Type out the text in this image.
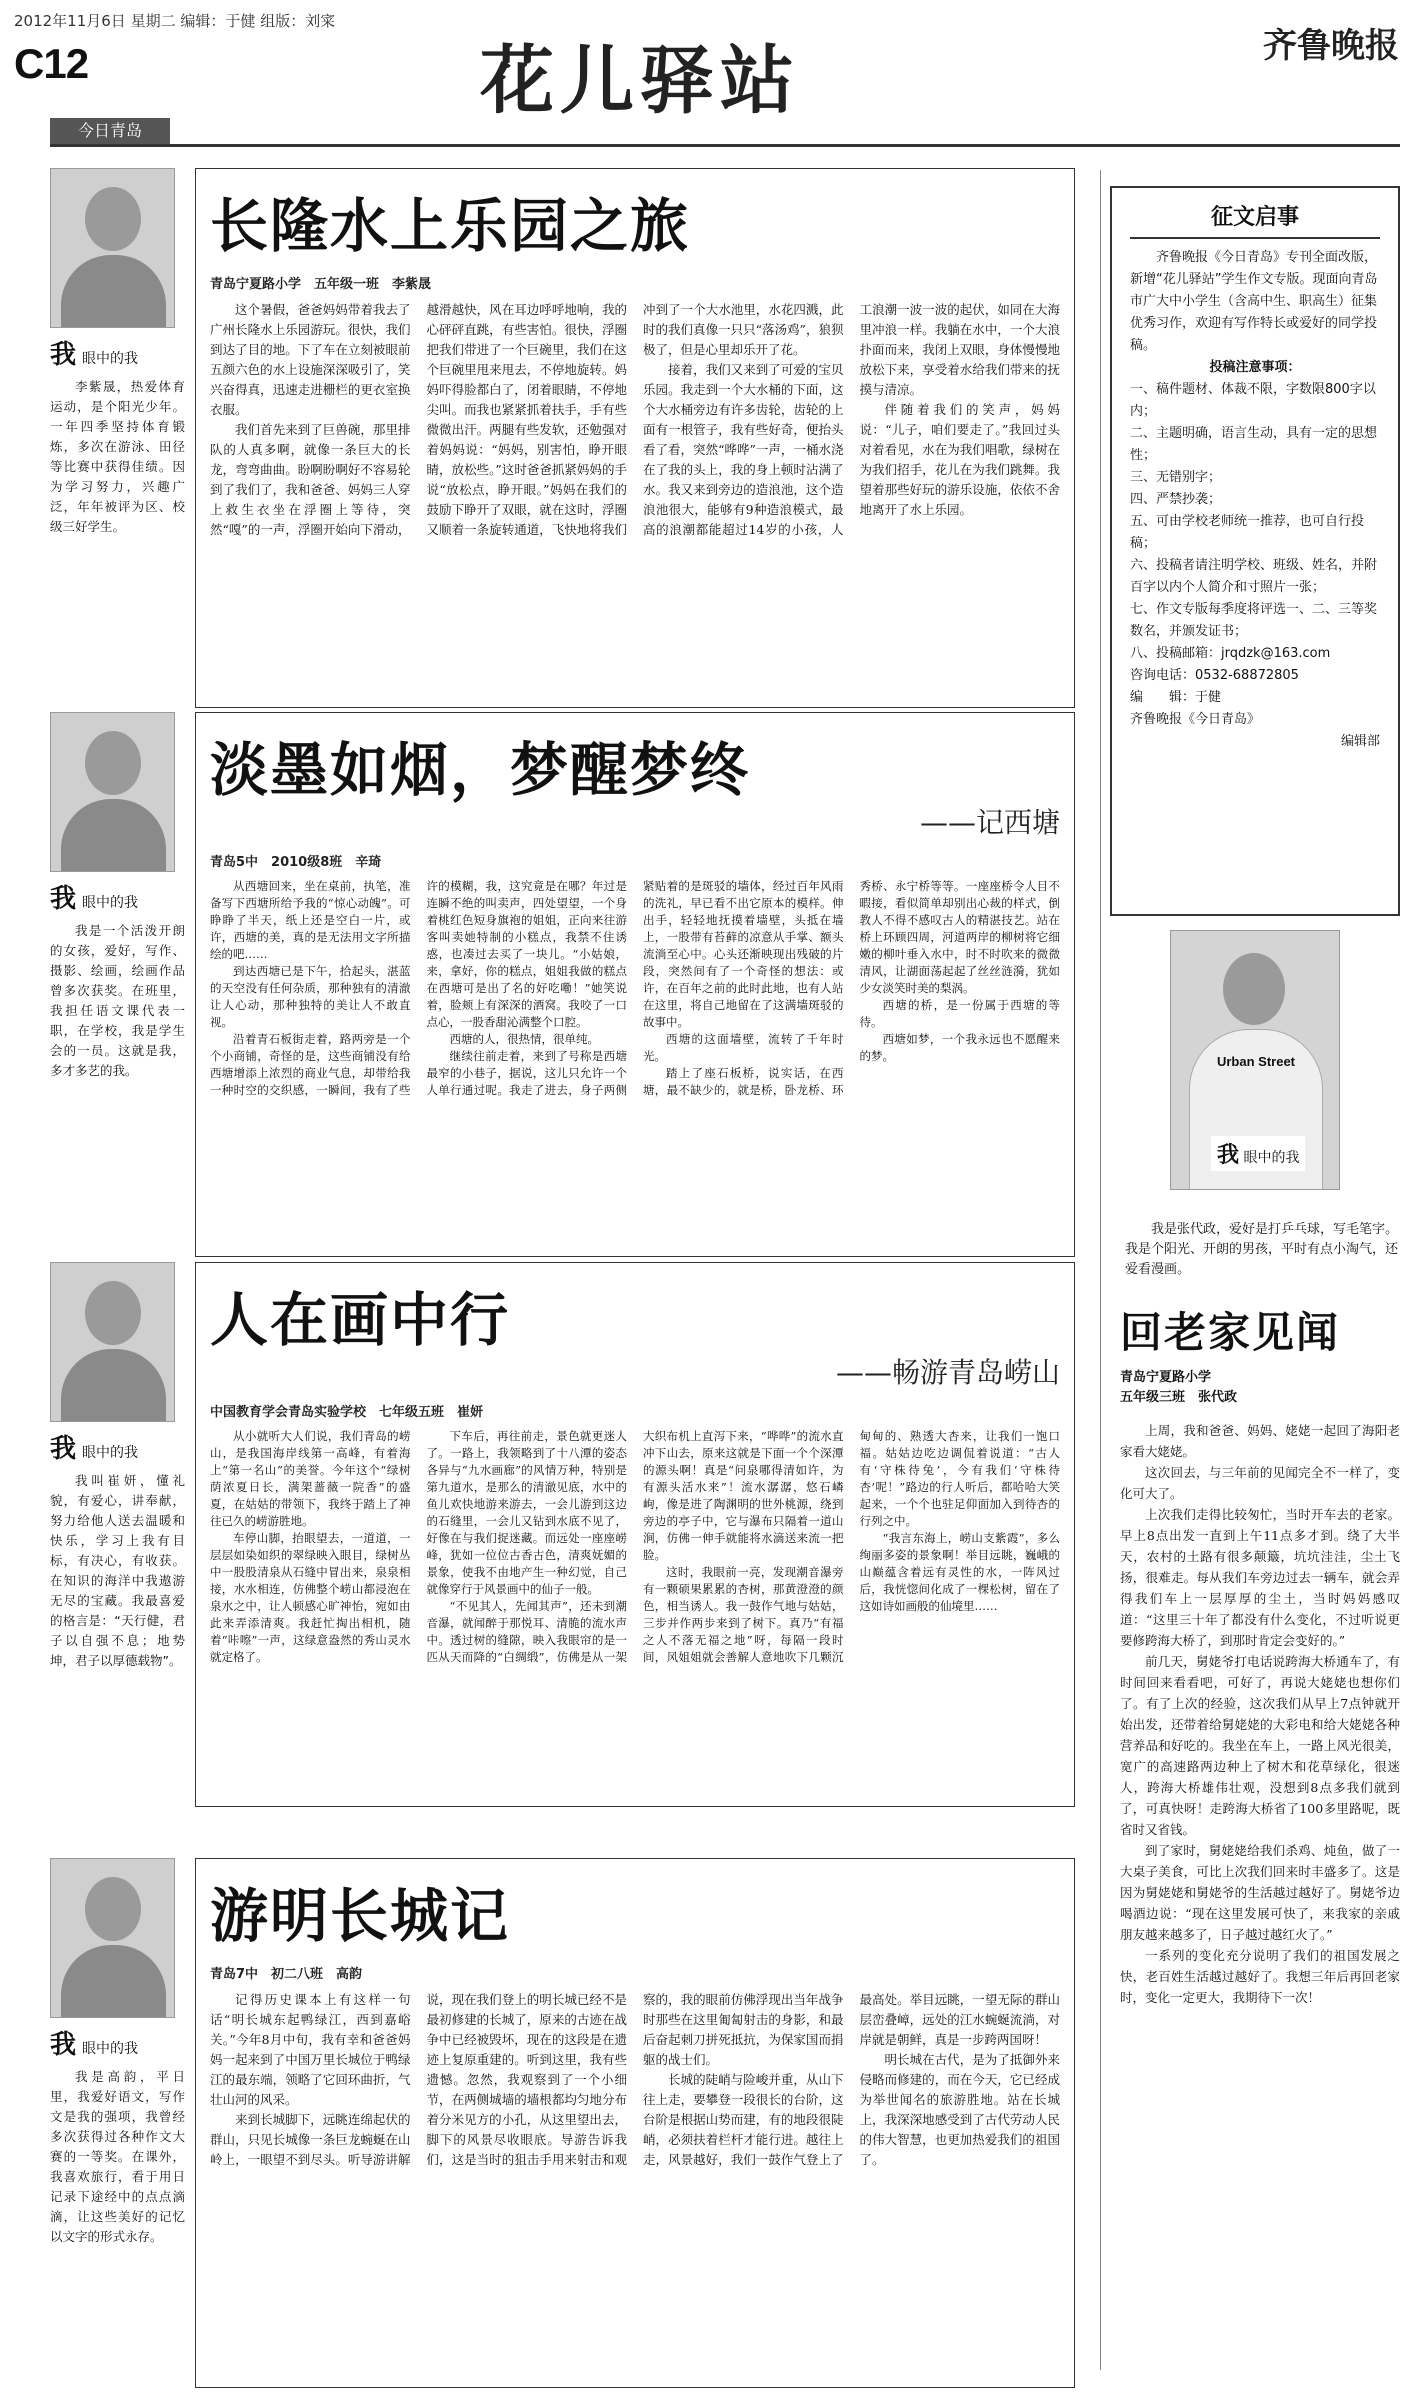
2012年11月6日 星期二 编辑：于健 组版：刘寀
C12	花儿驿站	齐鲁晚报
今日青岛
我 眼中的我
李紫晟，热爱体育运动，是个阳光少年。一年四季坚持体育锻炼，多次在游泳、田径等比赛中获得佳绩。因为学习努力，兴趣广泛，年年被评为区、校级三好学生。
长隆水上乐园之旅
青岛宁夏路小学　五年级一班　李紫晟

这个暑假，爸爸妈妈带着我去了广州长隆水上乐园游玩。很快，我们到达了目的地。下了车在立刻被眼前五颜六色的水上设施深深吸引了，笑兴奋得真，迅速走进栅栏的更衣室换衣服。

我们首先来到了巨兽碗，那里排队的人真多啊，就像一条巨大的长龙，弯弯曲曲。盼啊盼啊好不容易轮到了我们了，我和爸爸、妈妈三人穿上救生衣坐在浮圈上等待，突然“嘎”的一声，浮圈开始向下滑动，越滑越快，风在耳边呼呼地响，我的心砰砰直跳，有些害怕。很快，浮圈把我们带进了一个巨碗里，我们在这个巨碗里甩来甩去，不停地旋转。妈妈吓得脸都白了，闭着眼睛，不停地尖叫。而我也紧紧抓着扶手，手有些微微出汗。两腿有些发软，还勉强对着妈妈说：“妈妈，别害怕，睁开眼睛，放松些。”这时爸爸抓紧妈妈的手说“放松点，睁开眼。”妈妈在我们的鼓励下睁开了双眼，就在这时，浮圈又顺着一条旋转通道，飞快地将我们冲到了一个大水池里，水花四溅，此时的我们真像一只只“落汤鸡”，狼狈极了，但是心里却乐开了花。

接着，我们又来到了可爱的宝贝乐园。我走到一个大水桶的下面，这个大水桶旁边有许多齿轮，齿轮的上面有一根管子，我有些好奇，便抬头看了看，突然“哗哗”一声，一桶水浇在了我的头上，我的身上顿时沾满了水。我又来到旁边的造浪池，这个造浪池很大，能够有9种造浪模式，最高的浪潮都能超过14岁的小孩，人工浪潮一波一波的起伏，如同在大海里冲浪一样。我躺在水中，一个大浪扑面而来，我闭上双眼，身体慢慢地放松下来，享受着水给我们带来的抚摸与清凉。

伴随着我们的笑声，妈妈说：“儿子，咱们要走了。”我回过头对着看见，水在为我们唱歌，绿树在为我们招手，花儿在为我们跳舞。我望着那些好玩的游乐设施，依依不舍地离开了水上乐园。

我 眼中的我
我是一个活泼开朗的女孩，爱好，写作、摄影、绘画，绘画作品曾多次获奖。在班里，我担任语文课代表一职，在学校，我是学生会的一员。这就是我，多才多艺的我。
淡墨如烟，梦醒梦终
——记西塘
青岛5中　2010级8班　辛琦

从西塘回来，坐在桌前，执笔，准备写下西塘所给予我的“惊心动魄”。可睁睁了半天，纸上还是空白一片，或许，西塘的美，真的是无法用文字所描绘的吧……

到达西塘已是下午，拾起头，湛蓝的天空没有任何杂质，那种独有的清澈让人心动，那种独特的美让人不敢直视。

沿着青石板街走着，路两旁是一个个小商铺，奇怪的是，这些商铺没有给西塘增添上浓烈的商业气息，却带给我一种时空的交织感，一瞬间，我有了些许的模糊，我，这究竟是在哪？年过是连瞬不绝的叫卖声，四处望望，一个身着桃红色短身旗袍的姐姐，正向来往游客叫卖她特制的小糕点，我禁不住诱惑，也凑过去买了一块儿。“小姑娘，来，拿好，你的糕点，姐姐我做的糕点在西塘可是出了名的好吃嘞！”她笑说着，脸颊上有深深的酒窝。我咬了一口点心，一股香甜沁满整个口腔。

西塘的人，很热情，很单纯。

继续往前走着，来到了号称是西塘最窄的小巷子，据说，这儿只允许一个人单行通过呢。我走了进去，身子两侧紧贴着的是斑驳的墙体，经过百年风雨的洗礼，早已看不出它原本的模样。伸出手，轻轻地抚摸着墙壁，头抵在墙上，一股带有苔藓的凉意从手掌、额头流淌至心中。心头还渐映现出残破的片段，突然间有了一个奇怪的想法：或许，在百年之前的此时此地，也有人站在这里，将自己地留在了这满墙斑驳的故事中。

西塘的这面墙壁，流转了千年时光。

踏上了座石板桥，说实话，在西塘，最不缺少的，就是桥，卧龙桥、环秀桥、永宁桥等等。一座座桥令人目不暇接，看似简单却别出心裁的样式，倒教人不得不感叹古人的精湛技艺。站在桥上环顾四周，河道两岸的柳树将它细嫩的柳叶垂入水中，时不时吹来的微微清风，让湖面荡起起了丝丝涟漪，犹如少女淡笑时美的梨涡。

西塘的桥，是一份属于西塘的等待。

西塘如梦，一个我永远也不愿醒来的梦。

我 眼中的我
我叫崔妍，懂礼貌，有爱心，讲奉献，努力给他人送去温暖和快乐，学习上我有目标，有决心，有收获。在知识的海洋中我遨游无尽的宝藏。我最喜爱的格言是：“天行健，君子以自强不息；地势坤，君子以厚德载物”。
人在画中行
——畅游青岛崂山
中国教育学会青岛实验学校　七年级五班　崔妍

从小就听大人们说，我们青岛的崂山，是我国海岸线第一高峰，有着海上“第一名山”的美誉。今年这个“绿树荫浓夏日长，满架蔷薇一院香”的盛夏，在姑姑的带领下，我终于踏上了神往已久的崂游胜地。

车停山脚，抬眼望去，一道道，一层层如染如织的翠绿映入眼目，绿树丛中一股股清泉从石缝中冒出来，泉泉相接，水水相连，仿佛整个崂山都浸泡在泉水之中，让人顿感心旷神怡，宛如由此来弄添清爽。我赶忙掏出相机，随着“咔嚓”一声，这绿意盎然的秀山灵水就定格了。

下车后，再往前走，景色就更迷人了。一路上，我领略到了十八潭的姿态各异与“九水画廊”的风情万种，特别是第九道水，是那么的清澈见底，水中的鱼儿欢快地游来游去，一会儿游到这边的石缝里，一会儿又钻到水底不见了，好像在与我们捉迷藏。而远处一座座崂峰，犹如一位位古香古色，清爽妩媚的景象，使我不由地产生一种幻觉，自己就像穿行于风景画中的仙子一般。

“不见其人，先闻其声”，还未到潮音瀑，就闻醉于那悦耳、清脆的流水声中。透过树的缝隙，映入我眼帘的是一匹从天而降的“白绸缎”，仿佛是从一架大织布机上直泻下来，“哗哗”的流水直冲下山去，原来这就是下面一个个深潭的源头啊！真是“问泉哪得清如许，为有源头活水来”！流水潺潺，悠石嶙峋，像是进了陶渊明的世外桃源，绕到旁边的亭子中，它与瀑布只隔着一道山涧，仿佛一伸手就能将水滴送来流一把脸。

这时，我眼前一亮，发现潮音瀑旁有一颗硕果累累的杏树，那黄澄澄的颜色，相当诱人。我一鼓作气地与姑姑，三步并作两步来到了树下。真乃“有福之人不落无福之地”呀，每隔一段时间，风姐姐就会善解人意地吹下几颗沉甸甸的、熟透大杏来，让我们一饱口福。姑姑边吃边调侃着说道：“古人有‘守株待兔’，今有我们‘守株待杏’呢！”路边的行人听后，都哈哈大笑起来，一个个也驻足仰面加入到待杏的行列之中。

“我言东海上，崂山支紫霞”，多么绚丽多姿的景象啊！举目远眺，巍峨的山巅蕴含着远有灵性的水，一阵风过后，我恍惚间化成了一棵松树，留在了这如诗如画般的仙境里……

我 眼中的我
我是高韵，平日里，我爱好语文，写作文是我的强项，我曾经多次获得过各种作文大赛的一等奖。在课外，我喜欢旅行，看于用日记录下途经中的点点滴滴，让这些美好的记忆以文字的形式永存。
游明长城记
青岛7中　初二八班　高韵

记得历史课本上有这样一句话“明长城东起鸭绿江，西到嘉峪关。”今年8月中旬，我有幸和爸爸妈妈一起来到了中国万里长城位于鸭绿江的最东端，领略了它回环曲折，气壮山河的风采。

来到长城脚下，远眺连绵起伏的群山，只见长城像一条巨龙蜿蜒在山岭上，一眼望不到尽头。听导游讲解说，现在我们登上的明长城已经不是最初修建的长城了，原来的古迹在战争中已经被毁坏，现在的这段是在遗迹上复原重建的。听到这里，我有些遗憾。忽然，我观察到了一个小细节，在两侧城墙的墙根都均匀地分布着分米见方的小孔，从这里望出去，脚下的风景尽收眼底。导游告诉我们，这是当时的狙击手用来射击和观察的，我的眼前仿佛浮现出当年战争时那些在这里匍匐射击的身影，和最后奋起刺刀拼死抵抗，为保家国而捐躯的战士们。

长城的陡峭与险峻并重，从山下往上走，要攀登一段很长的台阶，这台阶是根据山势而建，有的地段很陡峭，必须扶着栏杆才能行进。越往上走，风景越好，我们一鼓作气登上了最高处。举目远眺，一望无际的群山层峦叠嶂，远处的江水蜿蜒流淌，对岸就是朝鲜，真是一步跨两国呀！

明长城在古代，是为了抵御外来侵略而修建的，而在今天，它已经成为举世闻名的旅游胜地。站在长城上，我深深地感受到了古代劳动人民的伟大智慧，也更加热爱我们的祖国了。

征文启事

齐鲁晚报《今日青岛》专刊全面改版，新增“花儿驿站”学生作文专版。现面向青岛市广大中小学生（含高中生、职高生）征集优秀习作，欢迎有写作特长或爱好的同学投稿。

投稿注意事项：

一、稿件题材、体裁不限，字数限800字以内；

二、主题明确，语言生动，具有一定的思想性；

三、无错别字；

四、严禁抄袭；

五、可由学校老师统一推荐，也可自行投稿；

六、投稿者请注明学校、班级、姓名，并附百字以内个人简介和寸照片一张；

七、作文专版每季度将评选一、二、三等奖数名，并颁发证书；

八、投稿邮箱：jrqdzk@163.com

咨询电话：0532-68872805

编　　辑：于健

齐鲁晚报《今日青岛》

编辑部

Urban Street
我 眼中的我
我是张代政，爱好是打乒乓球，写毛笔字。我是个阳光、开朗的男孩，平时有点小淘气，还爱看漫画。
回老家见闻
青岛宁夏路小学
五年级三班　张代政

上周，我和爸爸、妈妈、姥姥一起回了海阳老家看大姥姥。

这次回去，与三年前的见闻完全不一样了，变化可大了。

上次我们走得比较匆忙，当时开车去的老家。早上8点出发一直到上午11点多才到。绕了大半天，农村的土路有很多颠簸，坑坑洼洼，尘土飞扬，很难走。每从我们车旁边过去一辆车，就会弄得我们车上一层厚厚的尘土，当时妈妈感叹道：“这里三十年了都没有什么变化，不过听说更要修跨海大桥了，到那时肯定会变好的。”

前几天，舅姥爷打电话说跨海大桥通车了，有时间回来看看吧，可好了，再说大姥姥也想你们了。有了上次的经验，这次我们从早上7点钟就开始出发，还带着给舅姥姥的大彩电和给大姥姥各种营养品和好吃的。我坐在车上，一路上风光很美，宽广的高速路两边种上了树木和花草绿化，很迷人，跨海大桥雄伟壮观，没想到8点多我们就到了，可真快呀！走跨海大桥省了100多里路呢，既省时又省钱。

到了家时，舅姥姥给我们杀鸡、炖鱼，做了一大桌子美食，可比上次我们回来时丰盛多了。这是因为舅姥姥和舅姥爷的生活越过越好了。舅姥爷边喝酒边说：“现在这里发展可快了，来我家的亲戚朋友越来越多了，日子越过越红火了。”

一系列的变化充分说明了我们的祖国发展之快，老百姓生活越过越好了。我想三年后再回老家时，变化一定更大，我期待下一次！
